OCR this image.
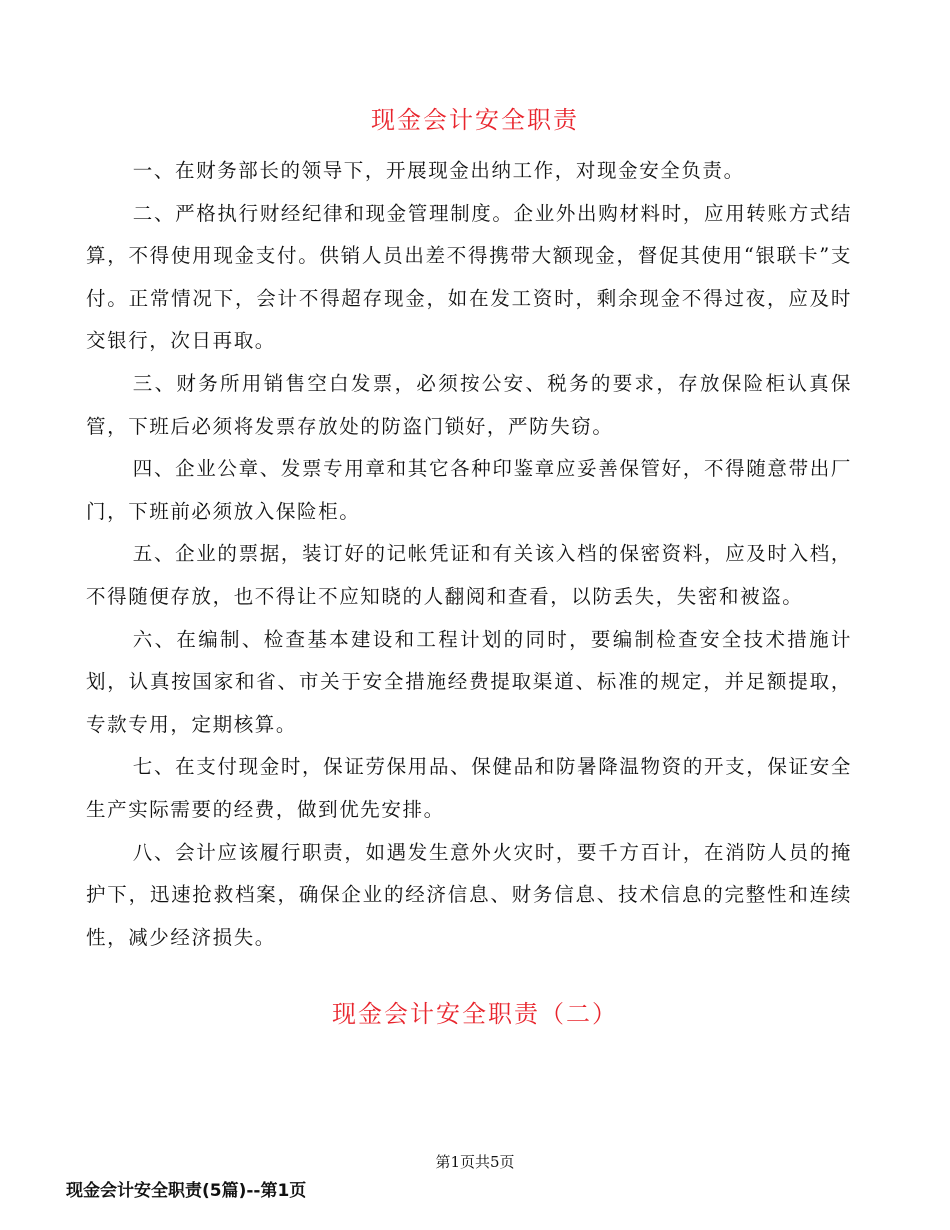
现金会计安全职责

一、在财务部长的领导下，开展现金出纳工作，对现金安全负责。

二、严格执行财经纪律和现金管理制度。企业外出购材料时，应用转账方式结算，不得使用现金支付。供销人员出差不得携带大额现金，督促其使用“银联卡”支付。正常情况下，会计不得超存现金，如在发工资时，剩余现金不得过夜，应及时交银行，次日再取。

三、财务所用销售空白发票，必须按公安、税务的要求，存放保险柜认真保管，下班后必须将发票存放处的防盗门锁好，严防失窃。

四、企业公章、发票专用章和其它各种印鉴章应妥善保管好，不得随意带出厂门，下班前必须放入保险柜。

五、企业的票据，装订好的记帐凭证和有关该入档的保密资料，应及时入档，不得随便存放，也不得让不应知晓的人翻阅和查看，以防丢失，失密和被盗。

六、在编制、检查基本建设和工程计划的同时，要编制检查安全技术措施计划，认真按国家和省、市关于安全措施经费提取渠道、标准的规定，并足额提取，专款专用，定期核算。

七、在支付现金时，保证劳保用品、保健品和防暑降温物资的开支，保证安全生产实际需要的经费，做到优先安排。

八、会计应该履行职责，如遇发生意外火灾时，要千方百计，在消防人员的掩护下，迅速抢救档案，确保企业的经济信息、财务信息、技术信息的完整性和连续性，减少经济损失。

现金会计安全职责（二）
第1页共5页
现金会计安全职责(5篇)--第1页
